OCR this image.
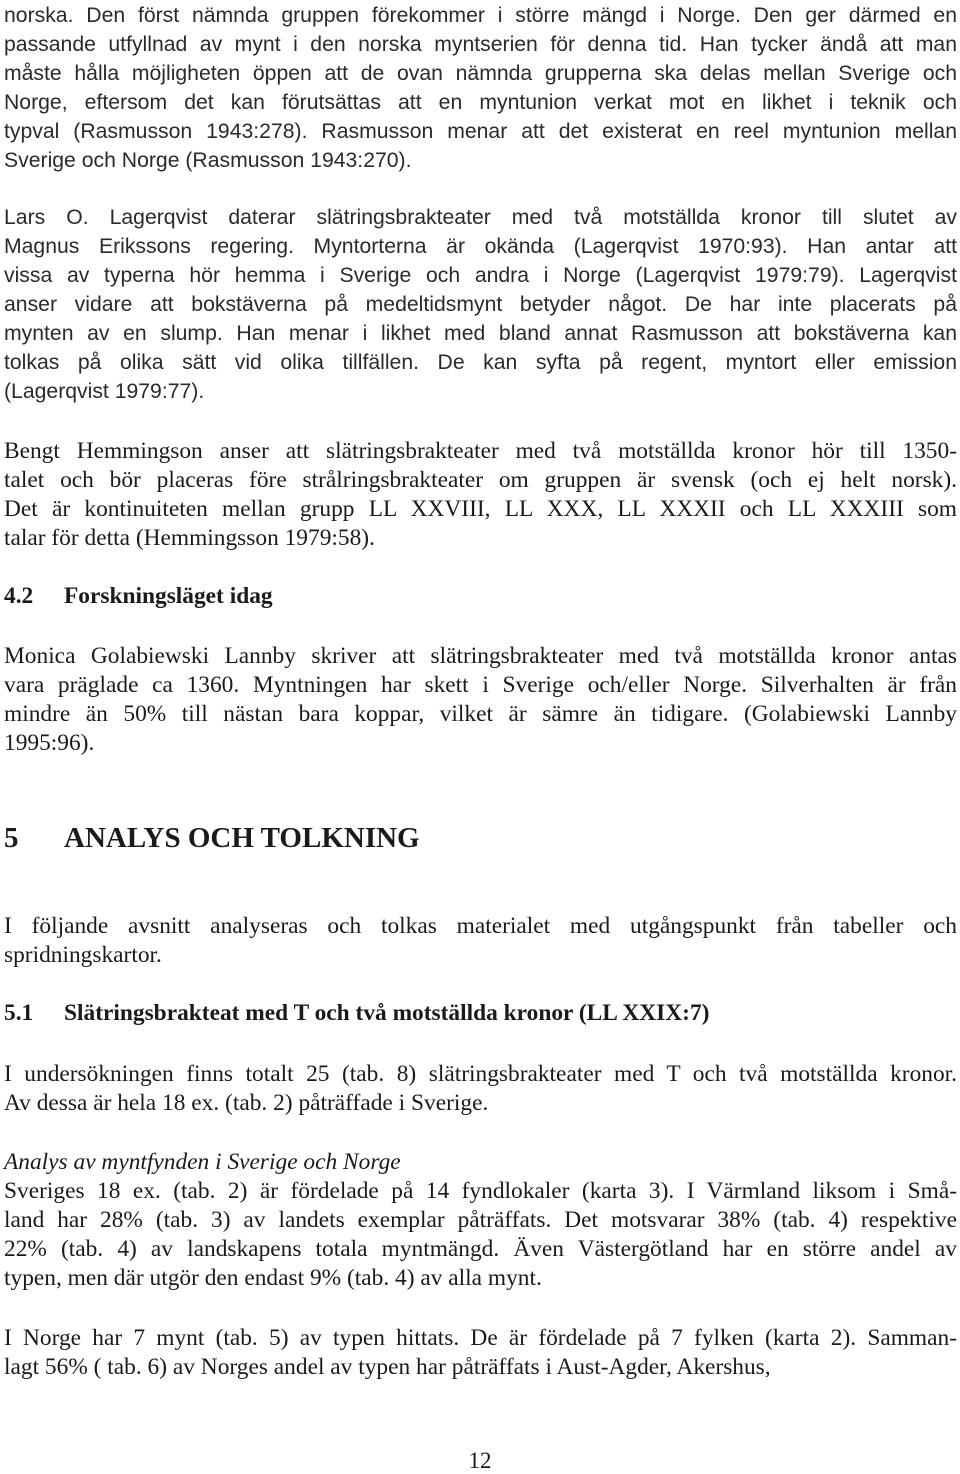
norska. Den först nämnda gruppen förekommer i större mängd i Norge. Den ger därmed en

passande utfyllnad av mynt i den norska myntserien för denna tid. Han tycker ändå att man

måste hålla möjligheten öppen att de ovan nämnda grupperna ska delas mellan Sverige och

Norge, eftersom det kan förutsättas att en myntunion verkat mot en likhet i teknik och

typval (Rasmusson 1943:278). Rasmusson menar att det existerat en reel myntunion mellan

Sverige och Norge (Rasmusson 1943:270).

Lars O. Lagerqvist daterar slätringsbrakteater med två motställda kronor till slutet av

Magnus Erikssons regering. Myntorterna är okända (Lagerqvist 1970:93). Han antar att

vissa av typerna hör hemma i Sverige och andra i Norge (Lagerqvist 1979:79). Lagerqvist

anser vidare att bokstäverna på medeltidsmynt betyder något. De har inte placerats på

mynten av en slump. Han menar i likhet med bland annat Rasmusson att bokstäverna kan

tolkas på olika sätt vid olika tillfällen. De kan syfta på regent, myntort eller emission

(Lagerqvist 1979:77).

Bengt Hemmingson anser att slätringsbrakteater med två motställda kronor hör till 1350-

talet och bör placeras före strålringsbrakteater om gruppen är svensk (och ej helt norsk).

Det är kontinuiteten mellan grupp LL XXVIII, LL XXX, LL XXXII och LL XXXIII som

talar för detta (Hemmingsson 1979:58).

4.2 Forskningsläget idag

Monica Golabiewski Lannby skriver att slätringsbrakteater med två motställda kronor antas

vara präglade ca 1360. Myntningen har skett i Sverige och/eller Norge. Silverhalten är från

mindre än 50% till nästan bara koppar, vilket är sämre än tidigare. (Golabiewski Lannby

1995:96).

5 ANALYS OCH TOLKNING

I följande avsnitt analyseras och tolkas materialet med utgångspunkt från tabeller och

spridningskartor.

5.1 Slätringsbrakteat med T och två motställda kronor (LL XXIX:7)

I undersökningen finns totalt 25 (tab. 8) slätringsbrakteater med T och två motställda kronor.

Av dessa är hela 18 ex. (tab. 2) påträffade i Sverige.

Analys av myntfynden i Sverige och Norge

Sveriges 18 ex. (tab. 2) är fördelade på 14 fyndlokaler (karta 3). I Värmland liksom i Små-

land har 28% (tab. 3) av landets exemplar påträffats. Det motsvarar 38% (tab. 4) respektive

22% (tab. 4) av landskapens totala myntmängd. Även Västergötland har en större andel av

typen, men där utgör den endast 9% (tab. 4) av alla mynt.

I Norge har 7 mynt (tab. 5) av typen hittats. De är fördelade på 7 fylken (karta 2). Samman-

lagt 56% ( tab. 6) av Norges andel av typen har påträffats i Aust-Agder, Akershus,

12
